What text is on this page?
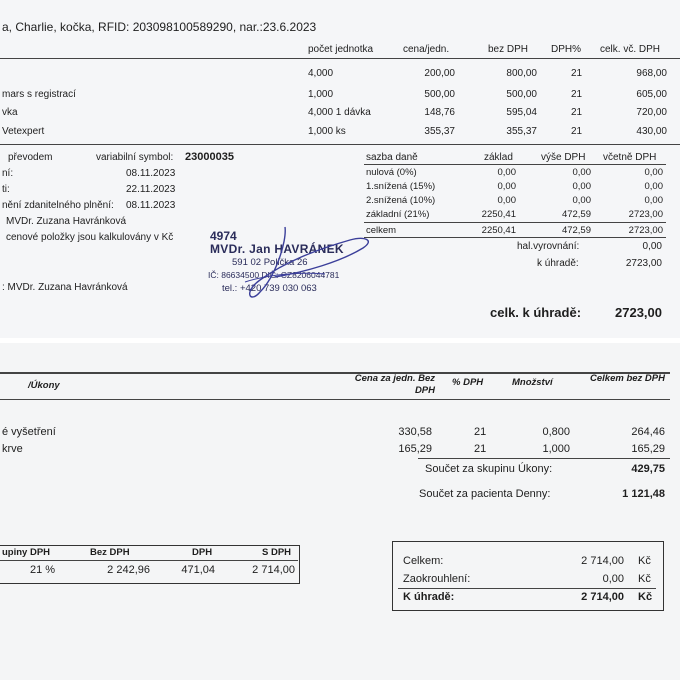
a, Charlie, kočka, RFID: 203098100589290, nar.:23.6.2023
počet jednotka	cena/jedn.	bez DPH DPH% celk. vč. DPH
4,000	200,00	800,00	21	968,00
mars s registrací	1,000	500,00	500,00	21	605,00
vka	4,000 1 dávka	148,76	595,04	21	720,00
Vetexpert	1,000 ks	355,37	355,37	21	430,00
převodem	variabilní symbol: 23000035
ní:	08.11.2023
ti:	22.11.2023
nění zdanitelného plnění: 08.11.2023
MVDr. Zuzana Havránková
cenové položky jsou kalkulovány v Kč
: MVDr. Zuzana Havránková
4974
MVDr. Jan HAVRÁNEK
591 02 Polička 26
IČ: 86634500 DIČ: CZ8206044781
tel.: +420 739 030 063
sazba daně	základ	výše DPH včetně DPH
nulová (0%)	0,00	0,00	0,00
1.snížená (15%)	0,00	0,00	0,00
2.snížená (10%)	0,00	0,00	0,00
základní (21%)	2250,41	472,59	2723,00
celkem	2250,41	472,59	2723,00
hal.vyrovnání:	0,00
k úhradě:	2723,00
celk. k úhradě:	2723,00
/Úkony
Cena za jedn. Bez DPH
% DPH	Množství	Celkem bez DPH
é vyšetření	330,58	21	0,800	264,46
krve	165,29	21	1,000	165,29
Součet za skupinu Úkony:	429,75
Součet za pacienta Denny:	1 121,48
upiny DPH	Bez DPH	DPH	S DPH
21 %	2 242,96	471,04	2 714,00
Celkem:	2 714,00 Kč
Zaokrouhlení:	0,00 Kč
K úhradě:	2 714,00 Kč
